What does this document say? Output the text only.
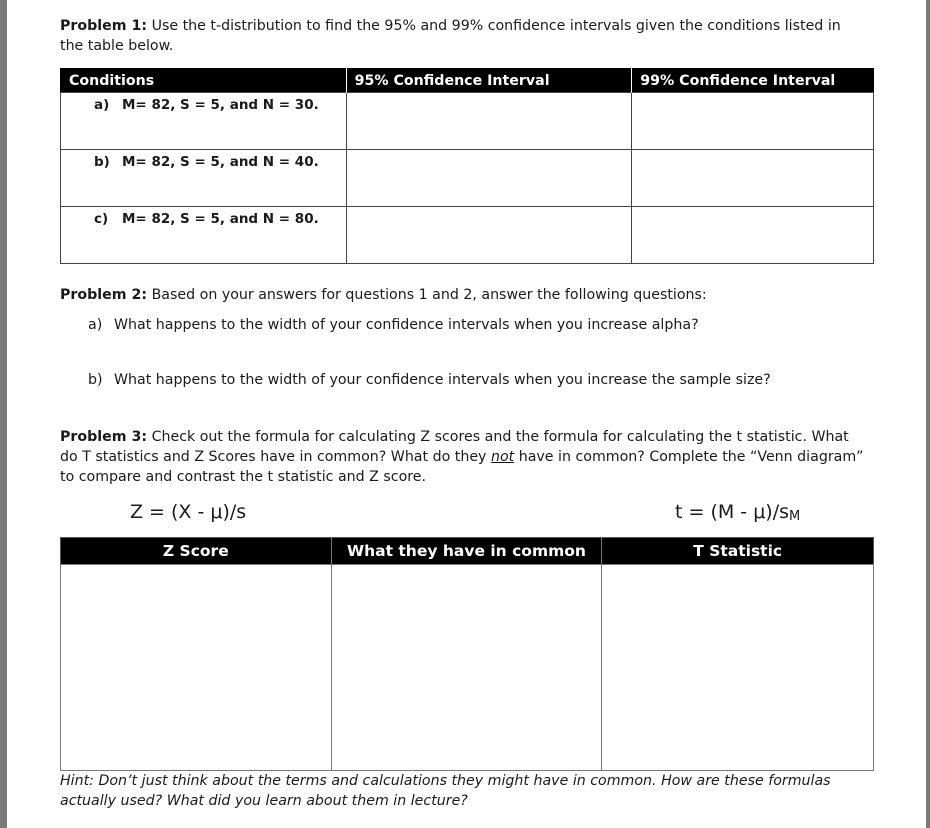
Problem 1: Use the t-distribution to find the 95% and 99% confidence intervals given the conditions listed in the table below.
Conditions	95% Confidence Interval	99% Confidence Interval
a) M= 82, S = 5, and N = 30.		
b) M= 82, S = 5, and N = 40.		
c) M= 82, S = 5, and N = 80.		
Problem 2: Based on your answers for questions 1 and 2, answer the following questions:
a) What happens to the width of your confidence intervals when you increase alpha?
b) What happens to the width of your confidence intervals when you increase the sample size?
Problem 3: Check out the formula for calculating Z scores and the formula for calculating the t statistic. What do T statistics and Z Scores have in common? What do they not have in common? Complete the “Venn diagram” to compare and contrast the t statistic and Z score.
Z = (X - μ)/s	$t = (M - \mu)/s_M$
Z Score	What they have in common	T Statistic

Hint: Don’t just think about the terms and calculations they might have in common. How are these formulas actually used? What did you learn about them in lecture?
